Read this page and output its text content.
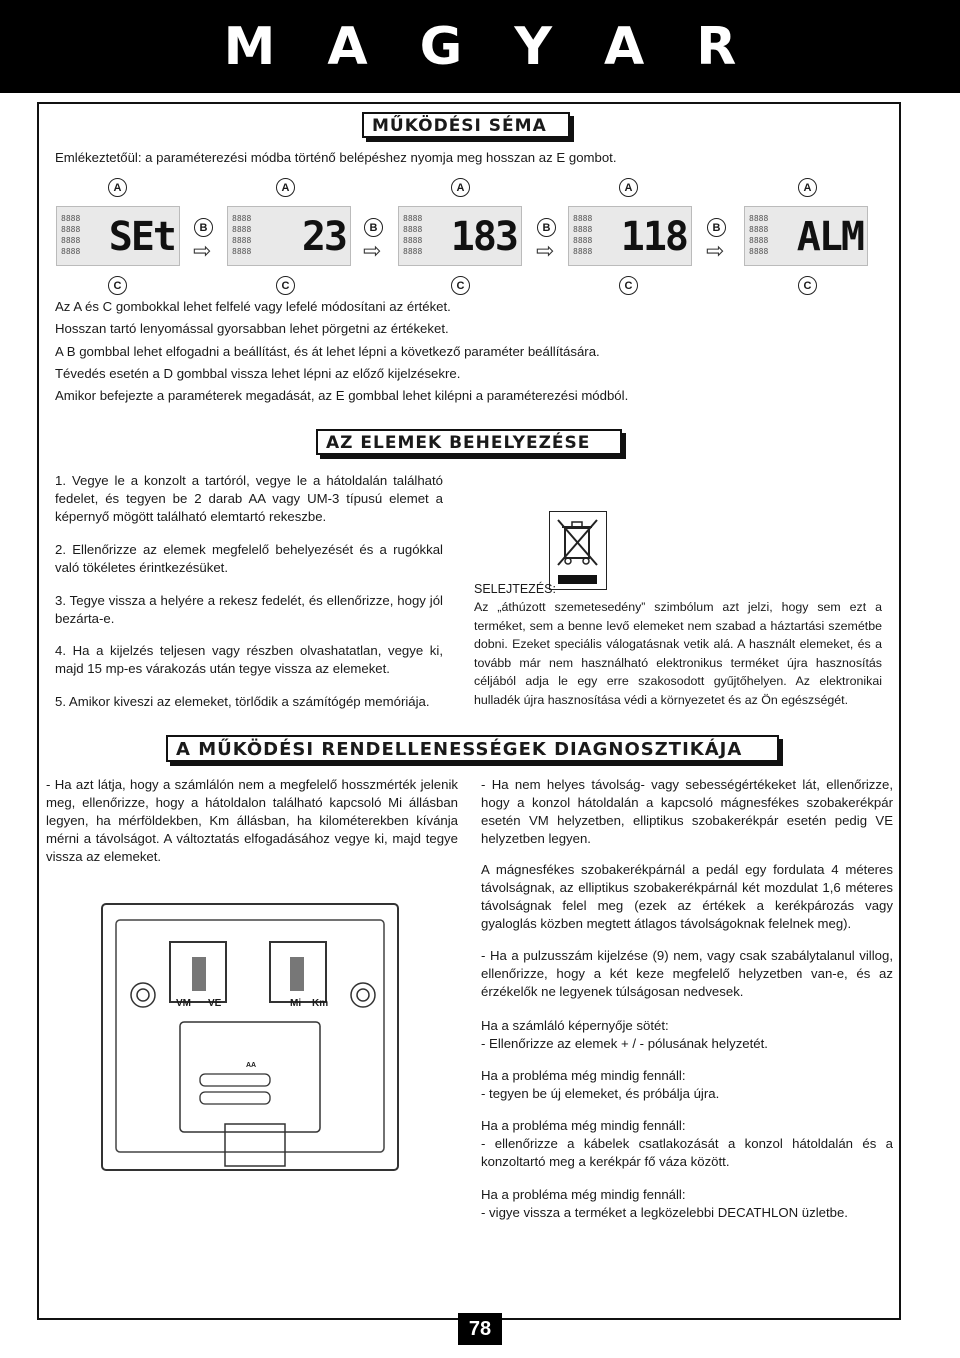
M A G Y A R
MŰKÖDÉSI SÉMA
Emlékeztetőül: a paraméterezési módba történő belépéshez nyomja meg hosszan az E gombot.
A
8888
8888
8888
8888 SEt
C
B
⇨
A
8888
8888
8888
8888 23
C
B
⇨
A
8888
8888
8888
8888 183
C
B
⇨
A
8888
8888
8888
8888 118
C
B
⇨
A
8888
8888
8888
8888 ALM
C
Az A és C gombokkal lehet felfelé vagy lefelé módosítani az értéket.
Hosszan tartó lenyomással gyorsabban lehet pörgetni az értékeket.
A B gombbal lehet elfogadni a beállítást, és át lehet lépni a következő paraméter beállítására.
Tévedés esetén a D gombbal vissza lehet lépni az előző kijelzésekre.
Amikor befejezte a paraméterek megadását, az E gombbal lehet kilépni a paraméterezési módból.
AZ ELEMEK BEHELYEZÉSE
1. Vegye le a konzolt a tartóról, vegye le a hátoldalán található fedelet, és tegyen be 2 darab AA vagy UM-3 típusú elemet a képernyő mögött található elemtartó rekeszbe.
2. Ellenőrizze az elemek megfelelő behelyezését és a rugókkal való tökéletes érintkezésüket.
3. Tegye vissza a helyére a rekesz fedelét, és ellenőrizze, hogy jól bezárta-e.
4. Ha a kijelzés teljesen vagy részben olvashatatlan, vegye ki, majd 15 mp-es várakozás után tegye vissza az elemeket.
5. Amikor kiveszi az elemeket, törlődik a számítógép memóriája.
SELEJTEZÉS:
Az „áthúzott szemetesedény” szimbólum azt jelzi, hogy sem ezt a terméket, sem a benne levő elemeket nem szabad a háztartási szemétbe dobni. Ezeket speciális válogatásnak vetik alá. A használt elemeket, és a tovább már nem használható elektronikus terméket újra hasznosítás céljából adja le egy erre szakosodott gyűjtőhelyen. Az elektronikai hulladék újra hasznosítása védi a környezetet és az Ön egészségét.
A MŰKÖDÉSI RENDELLENESSÉGEK DIAGNOSZTIKÁJA
- Ha azt látja, hogy a számlálón nem a megfelelő hosszmérték jelenik meg, ellenőrizze, hogy a hátoldalon található kapcsoló Mi állásban legyen, ha mérföldekben, Km állásban, ha kilométerekben kívánja mérni a távolságot. A változtatás elfogadásához vegye ki, majd tegye vissza az elemeket.
VM VE	Mi Km
AA
- Ha nem helyes távolság- vagy sebességértékeket lát, ellenőrizze, hogy a konzol hátoldalán a kapcsoló mágnesfékes szobakerékpár esetén VM helyzetben, elliptikus szobakerékpár esetén pedig VE helyzetben legyen.
A mágnesfékes szobakerékpárnál a pedál egy fordulata 4 méteres távolságnak, az elliptikus szobakerékpárnál két mozdulat 1,6 méteres távolságnak felel meg (ezek az értékek a kerékpározás vagy gyaloglás közben megtett átlagos távolságoknak felelnek meg).
- Ha a pulzusszám kijelzése (9) nem, vagy csak szabálytalanul villog, ellenőrizze, hogy a két keze megfelelő helyzetben van-e, és az érzékelők ne legyenek túlságosan nedvesek.
Ha a számláló képernyője sötét:
- Ellenőrizze az elemek + / - pólusának helyzetét.
Ha a probléma még mindig fennáll:
- tegyen be új elemeket, és próbálja újra.
Ha a probléma még mindig fennáll:
- ellenőrizze a kábelek csatlakozását a konzol hátoldalán és a konzoltartó meg a kerékpár fő váza között.
Ha a probléma még mindig fennáll:
- vigye vissza a terméket a legközelebbi DECATHLON üzletbe.
78
